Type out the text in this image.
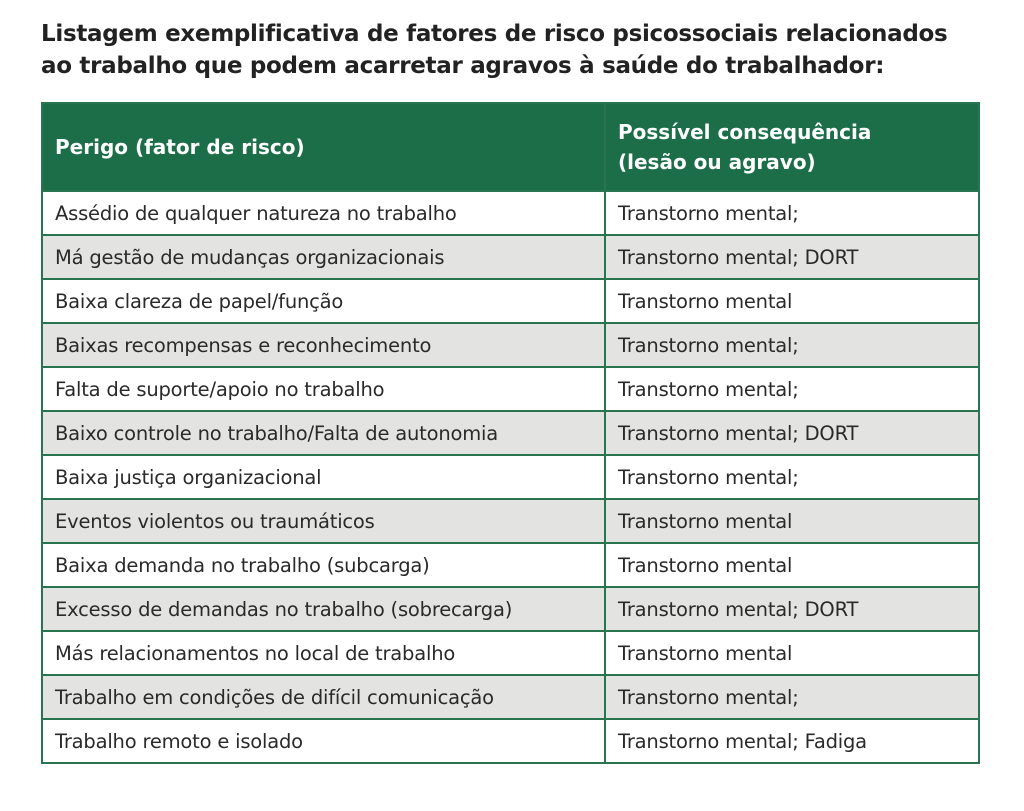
Listagem exemplificativa de fatores de risco psicossociais relacionados
ao trabalho que podem acarretar agravos à saúde do trabalhador:
Perigo (fator de risco)	Possível consequência
(lesão ou agravo)

Assédio de qualquer natureza no trabalho	Transtorno mental;
Má gestão de mudanças organizacionais	Transtorno mental; DORT
Baixa clareza de papel/função	Transtorno mental
Baixas recompensas e reconhecimento	Transtorno mental;
Falta de suporte/apoio no trabalho	Transtorno mental;
Baixo controle no trabalho/Falta de autonomia	Transtorno mental; DORT
Baixa justiça organizacional	Transtorno mental;
Eventos violentos ou traumáticos	Transtorno mental
Baixa demanda no trabalho (subcarga)	Transtorno mental
Excesso de demandas no trabalho (sobrecarga)	Transtorno mental; DORT
Más relacionamentos no local de trabalho	Transtorno mental
Trabalho em condições de difícil comunicação	Transtorno mental;
Trabalho remoto e isolado	Transtorno mental; Fadiga
